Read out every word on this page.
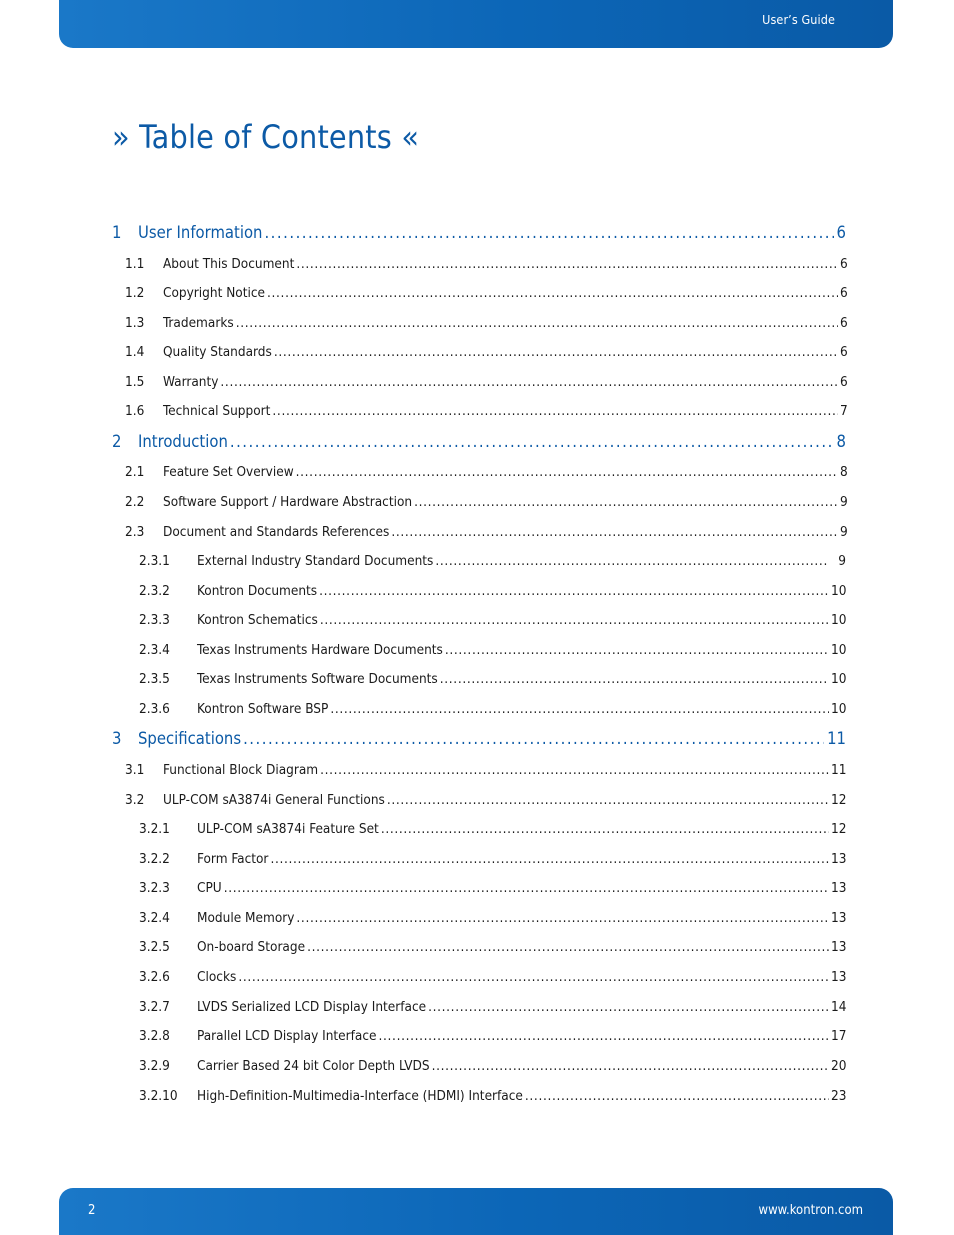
User’s Guide
» Table of Contents «
1	User Information . . .	6
1.1	About This Document . . .	6
1.2	Copyright Notice . . .	6
1.3	Trademarks . . .	6
1.4	Quality Standards . . .	6
1.5	Warranty . . .	6
1.6	Technical Support . . .	7
2	Introduction . . .	8
2.1	Feature Set Overview . . .	8
2.2	Software Support / Hardware Abstraction . . .	9
2.3	Document and Standards References . . .	9
2.3.1	External Industry Standard Documents . . .	9
2.3.2	Kontron Documents . . .	10
2.3.3	Kontron Schematics . . .	10
2.3.4	Texas Instruments Hardware Documents . . .	10
2.3.5	Texas Instruments Software Documents . . .	10
2.3.6	Kontron Software BSP . . .	10
3	Specifications . . .	11
3.1	Functional Block Diagram . . .	11
3.2	ULP-COM sA3874i General Functions . . .	12
3.2.1	ULP-COM sA3874i Feature Set . . .	12
3.2.2	Form Factor . . .	13
3.2.3	CPU . . .	13
3.2.4	Module Memory . . .	13
3.2.5	On-board Storage . . .	13
3.2.6	Clocks . . .	13
3.2.7	LVDS Serialized LCD Display Interface . . .	14
3.2.8	Parallel LCD Display Interface . . .	17
3.2.9	Carrier Based 24 bit Color Depth LVDS . . .	20
3.2.10	High-Definition-Multimedia-Interface (HDMI) Interface . . .	23
2	www.kontron.com
